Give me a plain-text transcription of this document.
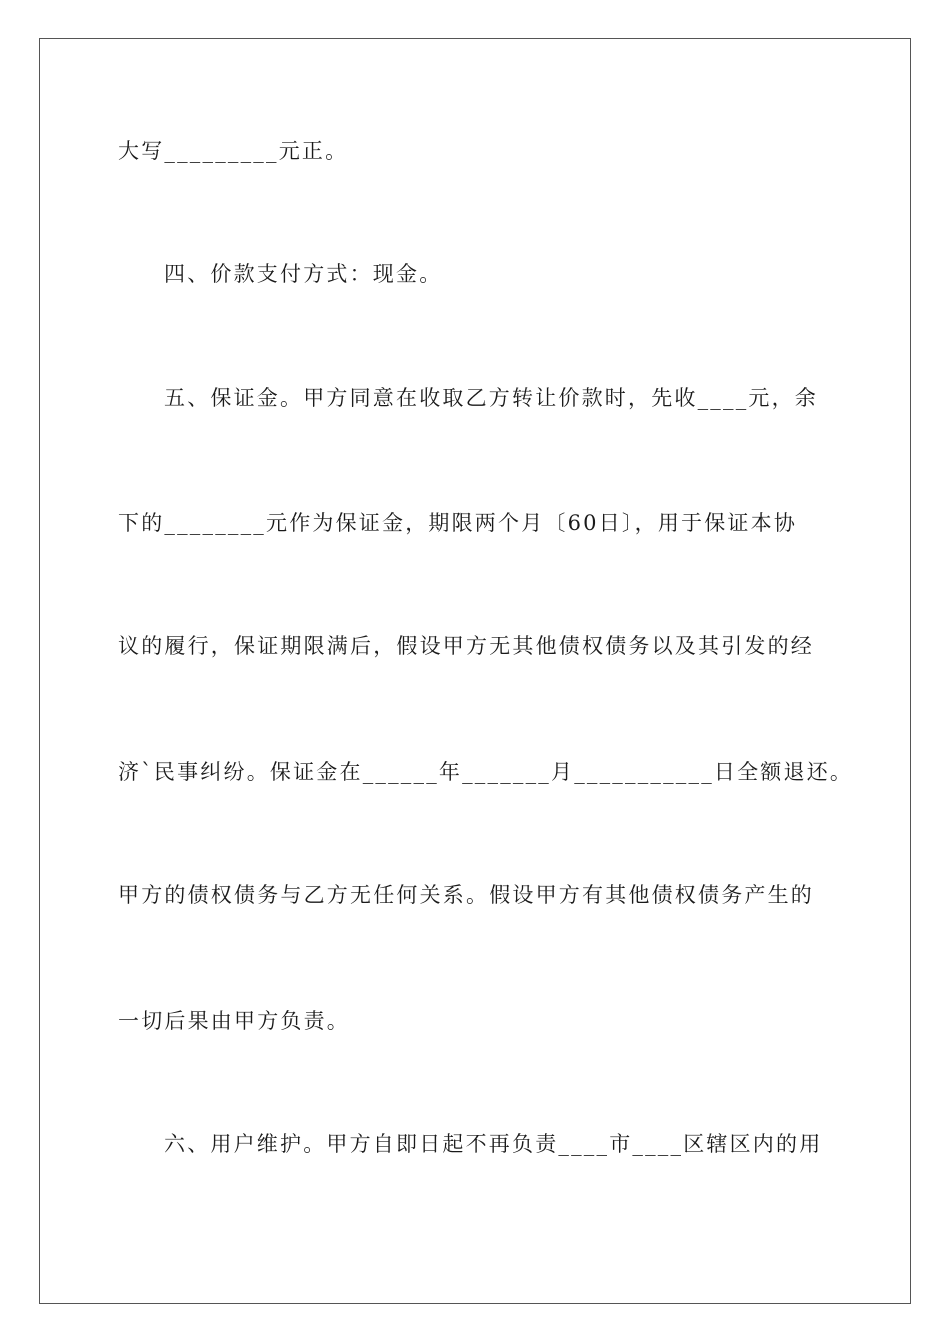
大写_________元正。
四、价款支付方式：现金。
五、保证金。甲方同意在收取乙方转让价款时，先收____元，余
下的________元作为保证金，期限两个月〔60日〕，用于保证本协
议的履行，保证期限满后，假设甲方无其他债权债务以及其引发的经
济`民事纠纷。保证金在______年_______月___________日全额退还。
甲方的债权债务与乙方无任何关系。假设甲方有其他债权债务产生的
一切后果由甲方负责。
六、用户维护。甲方自即日起不再负责____市____区辖区内的用
